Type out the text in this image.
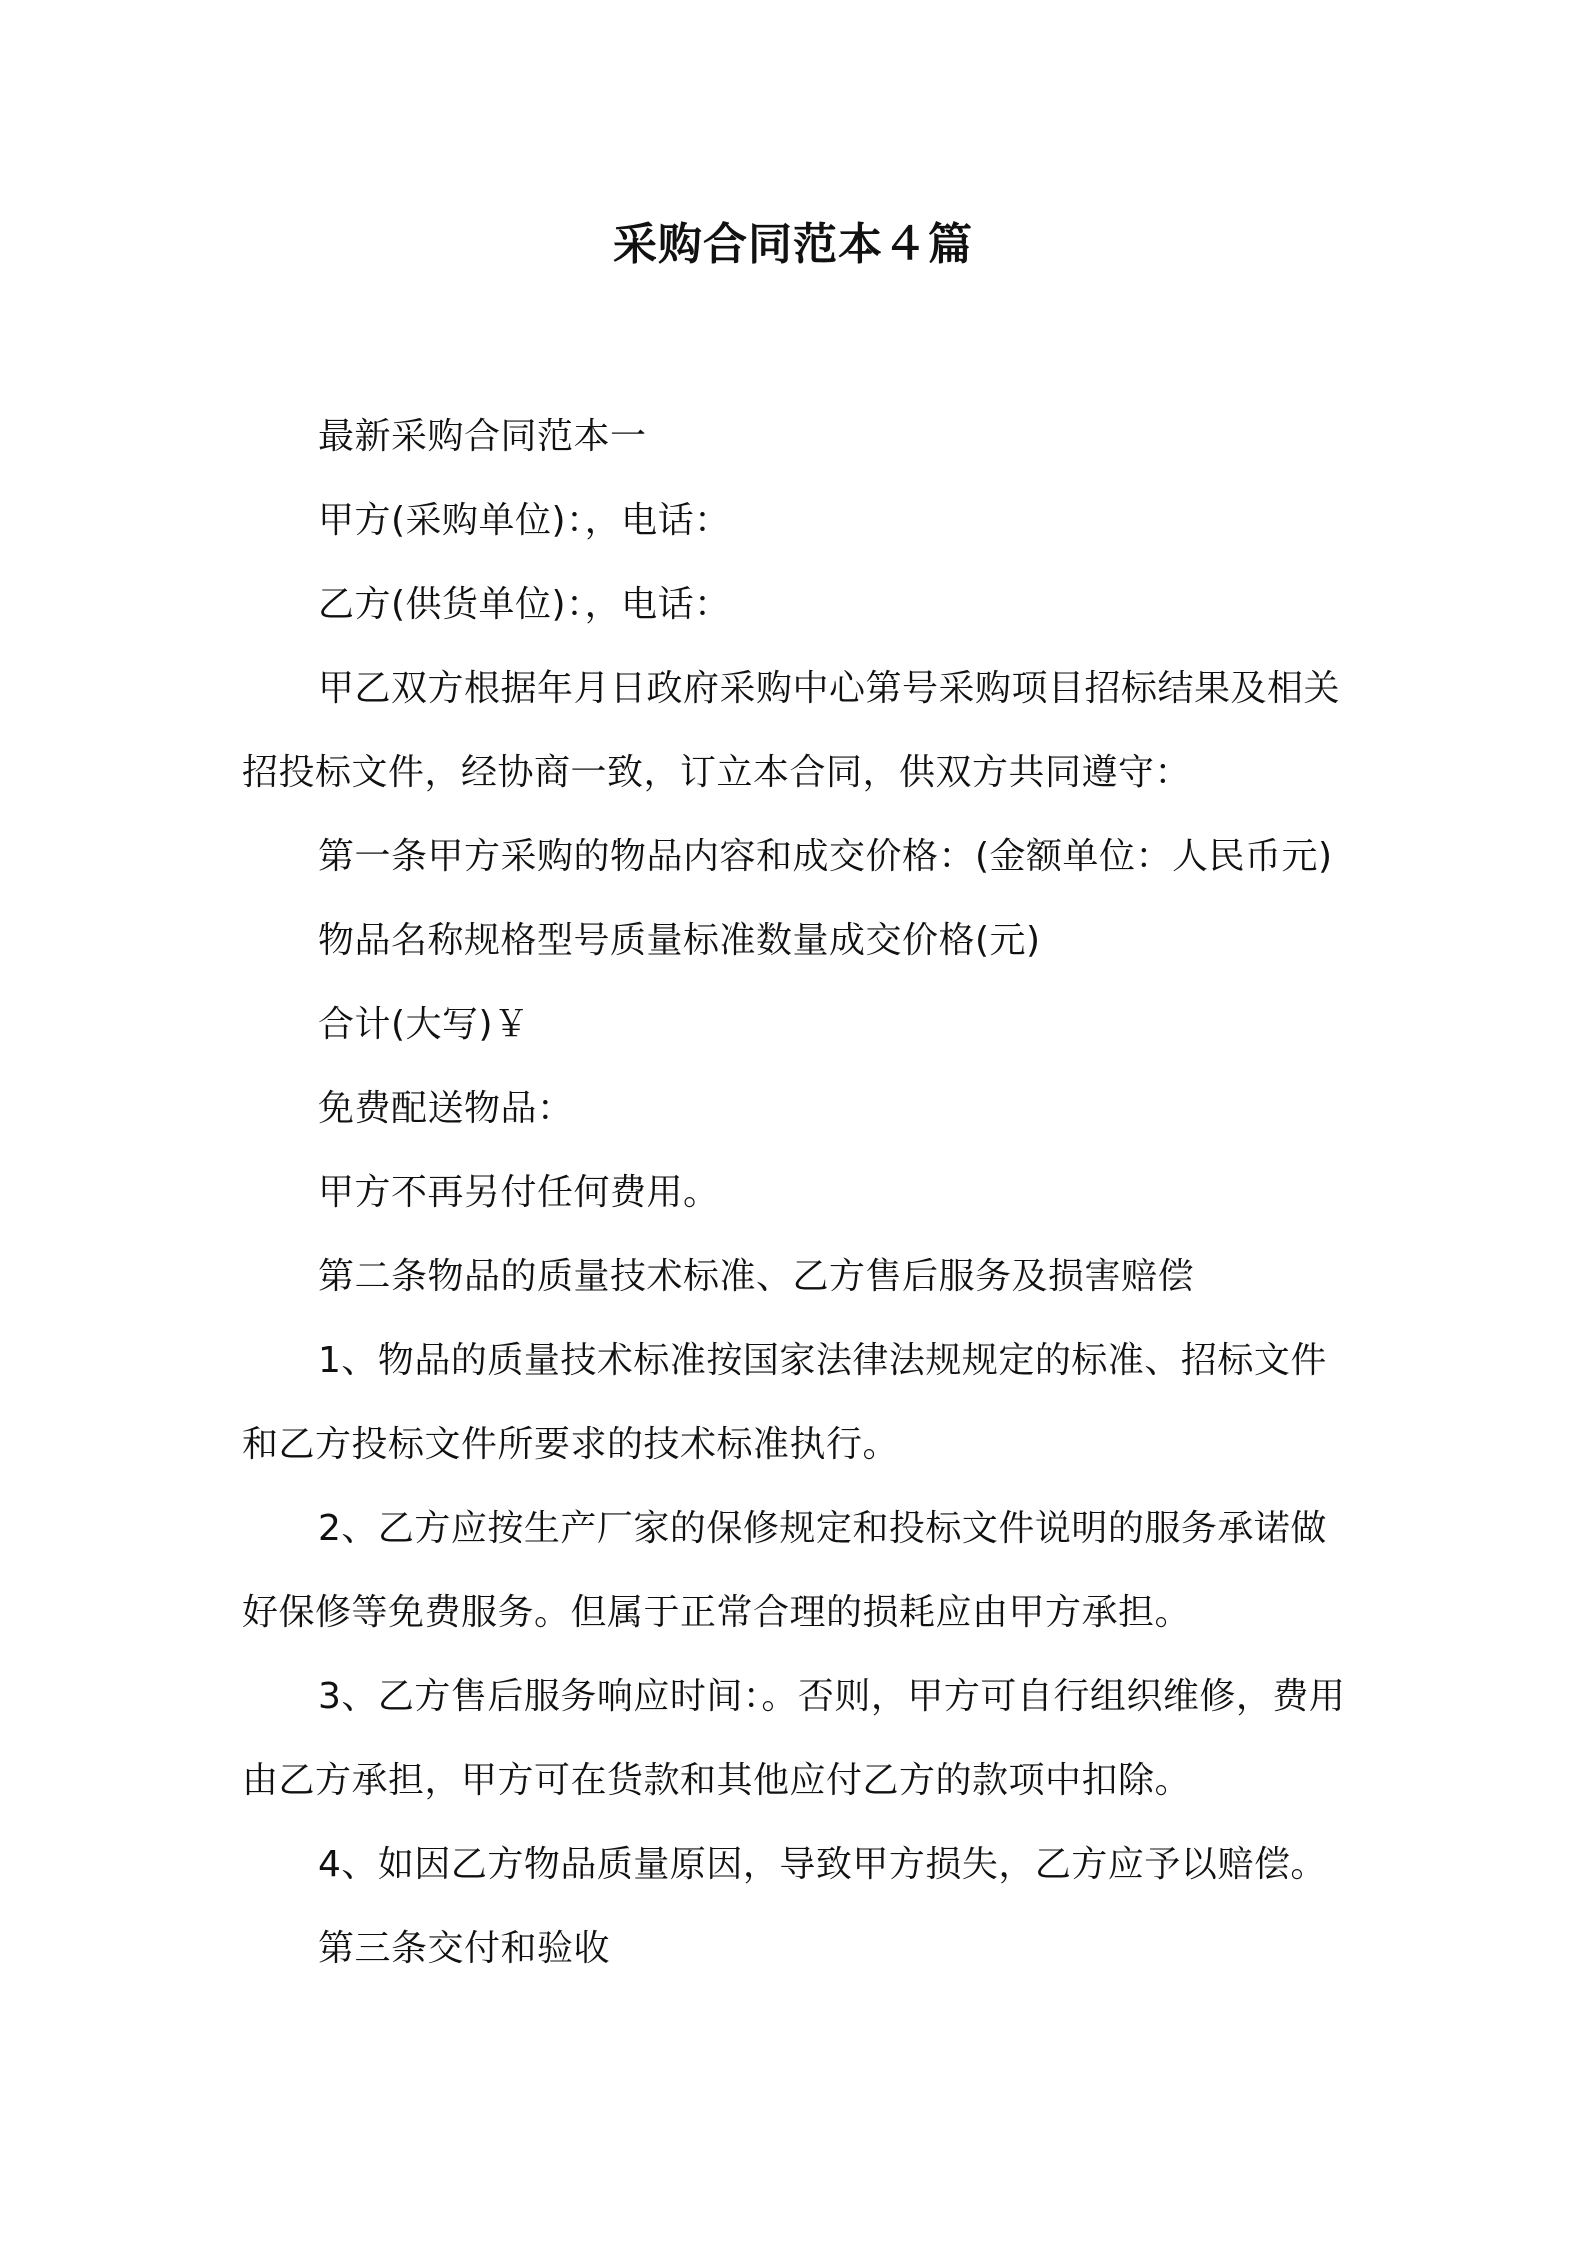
采购合同范本４篇

最新采购合同范本一

甲方(采购单位)：，电话：

乙方(供货单位)：，电话：

甲乙双方根据年月日政府采购中心第号采购项目招标结果及相关招投标文件，经协商一致，订立本合同，供双方共同遵守：

第一条甲方采购的物品内容和成交价格：(金额单位：人民币元)

物品名称规格型号质量标准数量成交价格(元)

合计(大写)￥

免费配送物品：

甲方不再另付任何费用。

第二条物品的质量技术标准、乙方售后服务及损害赔偿

1、物品的质量技术标准按国家法律法规规定的标准、招标文件和乙方投标文件所要求的技术标准执行。

2、乙方应按生产厂家的保修规定和投标文件说明的服务承诺做好保修等免费服务。但属于正常合理的损耗应由甲方承担。

3、乙方售后服务响应时间：。否则，甲方可自行组织维修，费用由乙方承担，甲方可在货款和其他应付乙方的款项中扣除。

4、如因乙方物品质量原因，导致甲方损失，乙方应予以赔偿。

第三条交付和验收
